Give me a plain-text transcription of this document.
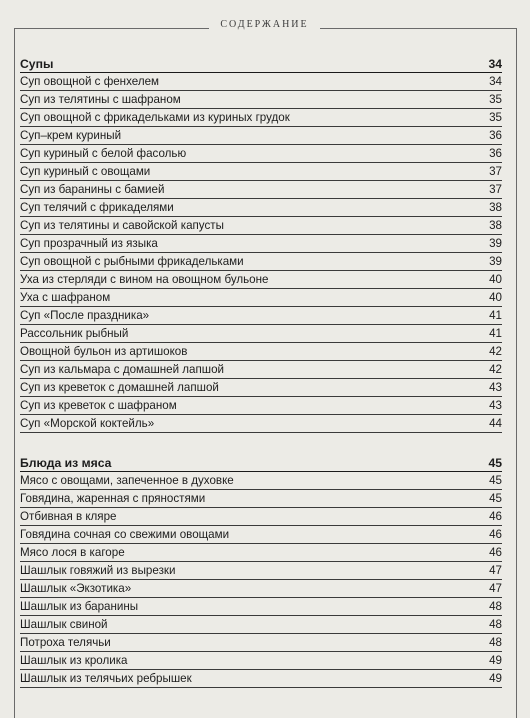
СОДЕРЖАНИЕ
Супы	34
Суп овощной с фенхелем	34
Суп из телятины с шафраном	35
Суп овощной с фрикадельками из куриных грудок	35
Суп–крем куриный	36
Суп куриный с белой фасолью	36
Суп куриный с овощами	37
Суп из баранины с бамией	37
Суп телячий с фрикаделями	38
Суп из телятины и савойской капусты	38
Суп прозрачный из языка	39
Суп овощной с рыбными фрикадельками	39
Уха из стерляди с вином на овощном бульоне	40
Уха с шафраном	40
Суп «После праздника»	41
Рассольник рыбный	41
Овощной бульон из артишоков	42
Суп из кальмара с домашней лапшой	42
Суп из креветок с домашней лапшой	43
Суп из креветок с шафраном	43
Суп «Морской коктейль»	44
Блюда из мяса	45
Мясо с овощами, запеченное в духовке	45
Говядина, жаренная с пряностями	45
Отбивная в кляре	46
Говядина сочная со свежими овощами	46
Мясо лося в кагоре	46
Шашлык говяжий из вырезки	47
Шашлык «Экзотика»	47
Шашлык из баранины	48
Шашлык свиной	48
Потроха телячьи	48
Шашлык из кролика	49
Шашлык из телячьих ребрышек	49
